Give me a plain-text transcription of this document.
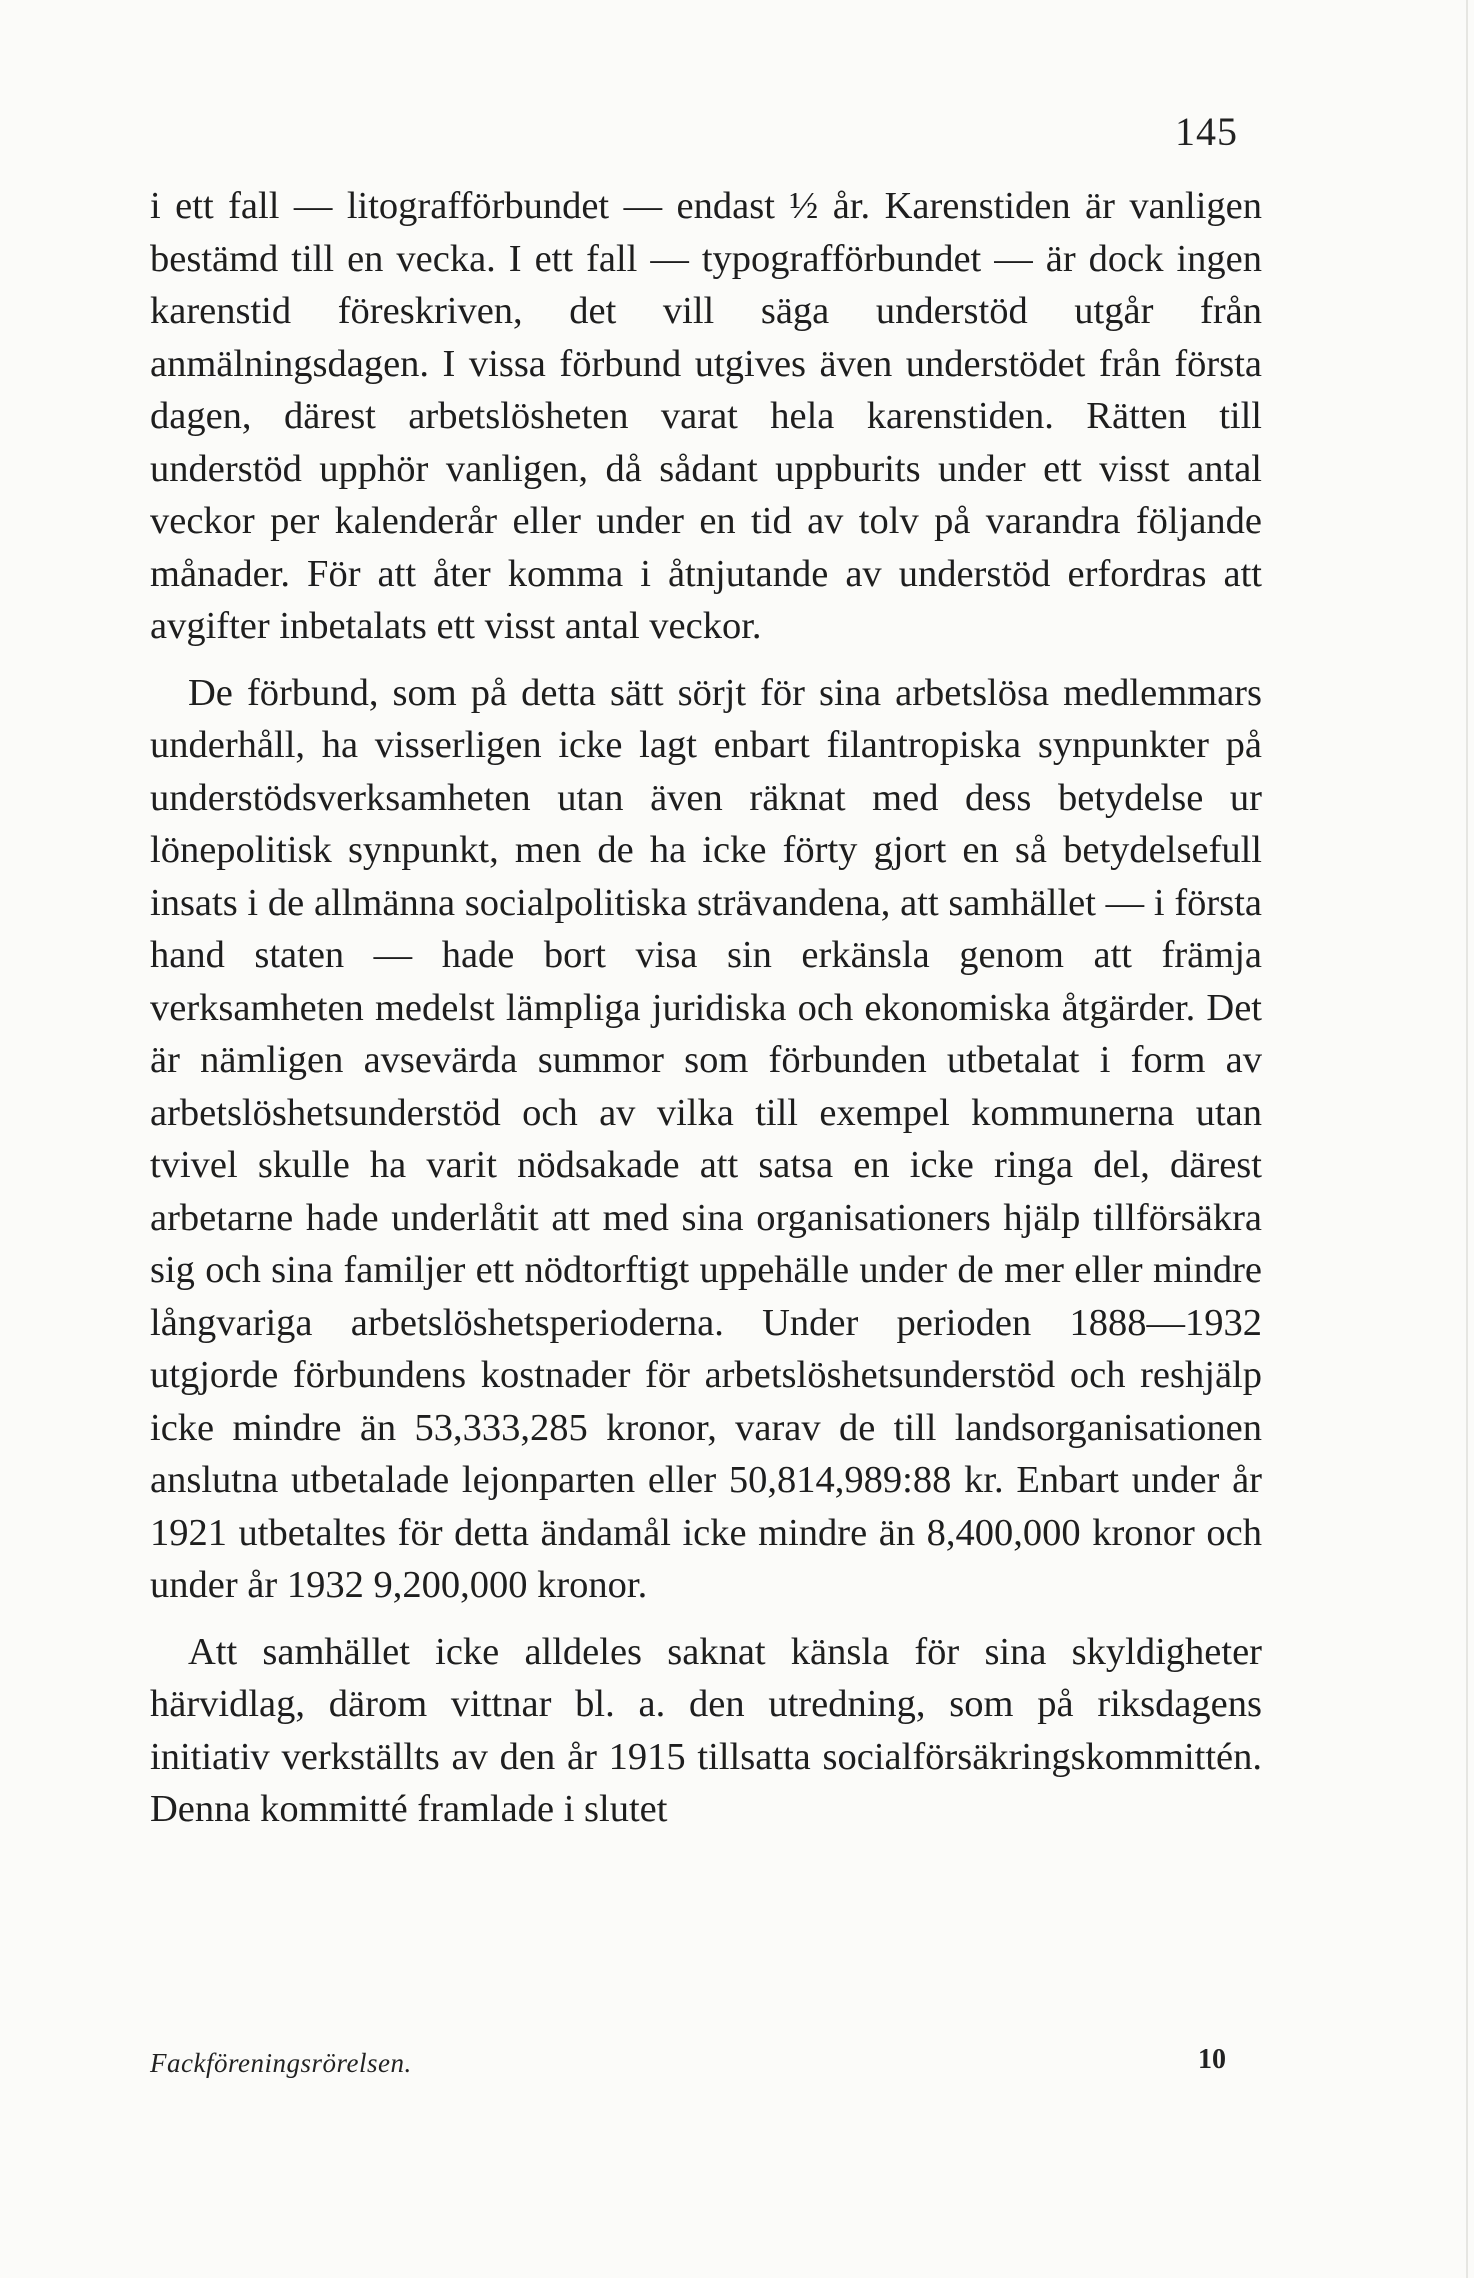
145

i ett fall — litografförbundet — endast ½ år. Karenstiden är vanligen bestämd till en vecka. I ett fall — typografförbundet — är dock ingen karenstid föreskriven, det vill säga understöd utgår från anmälningsdagen. I vissa förbund utgives även understödet från första dagen, därest arbetslösheten varat hela karenstiden. Rätten till understöd upphör vanligen, då sådant uppburits under ett visst antal veckor per kalenderår eller under en tid av tolv på varandra följande månader. För att åter komma i åtnjutande av understöd erfordras att avgifter inbetalats ett visst antal veckor.

De förbund, som på detta sätt sörjt för sina arbetslösa medlemmars underhåll, ha visserligen icke lagt enbart filantropiska synpunkter på understödsverksamheten utan även räknat med dess betydelse ur lönepolitisk synpunkt, men de ha icke förty gjort en så betydelsefull insats i de allmänna socialpolitiska strävandena, att samhället — i första hand staten — hade bort visa sin erkänsla genom att främja verksamheten medelst lämpliga juridiska och ekonomiska åtgärder. Det är nämligen avsevärda summor som förbunden utbetalat i form av arbetslöshetsunderstöd och av vilka till exempel kommunerna utan tvivel skulle ha varit nödsakade att satsa en icke ringa del, därest arbetarne hade underlåtit att med sina organisationers hjälp tillförsäkra sig och sina familjer ett nödtorftigt uppehälle under de mer eller mindre långvariga arbetslöshetsperioderna. Under perioden 1888—1932 utgjorde förbundens kostnader för arbetslöshetsunderstöd och reshjälp icke mindre än 53,333,285 kronor, varav de till landsorganisationen anslutna utbetalade lejonparten eller 50,814,989:88 kr. Enbart under år 1921 utbetaltes för detta ändamål icke mindre än 8,400,000 kronor och under år 1932 9,200,000 kronor.

Att samhället icke alldeles saknat känsla för sina skyldigheter härvidlag, därom vittnar bl. a. den utredning, som på riksdagens initiativ verkställts av den år 1915 tillsatta socialförsäkringskommittén. Denna kommitté framlade i slutet

Fackföreningsrörelsen.	10
